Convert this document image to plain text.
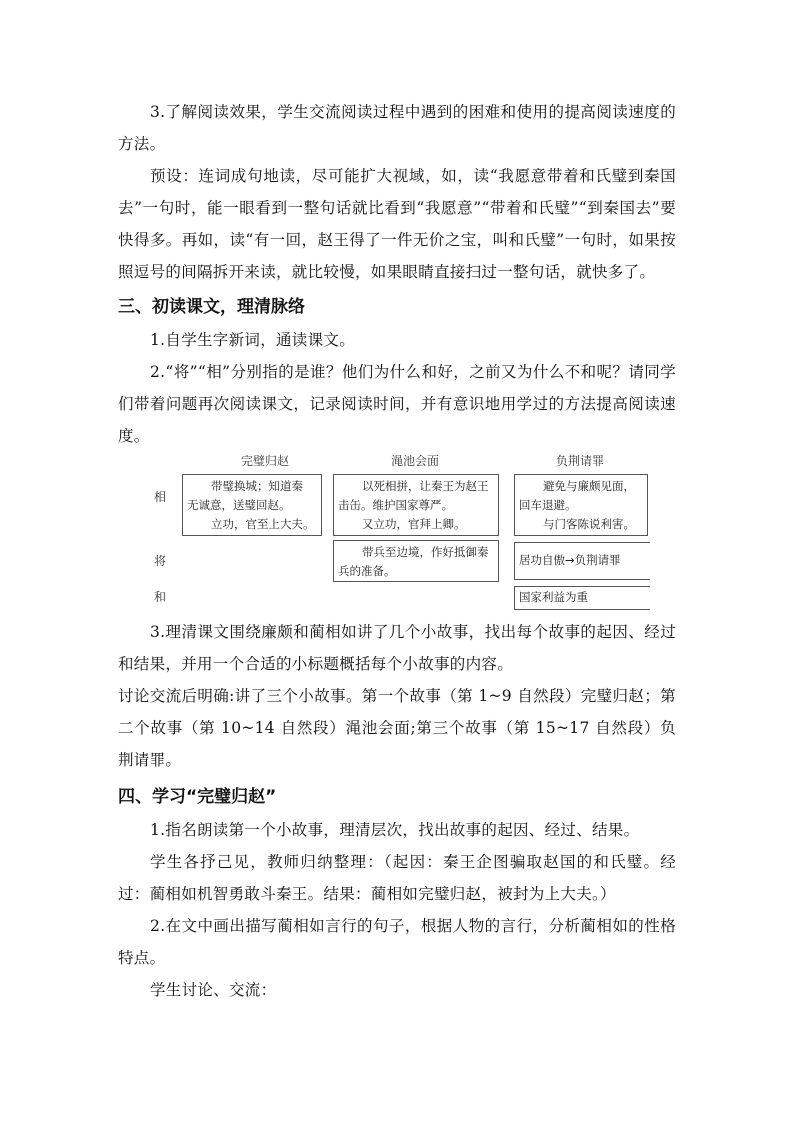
3.了解阅读效果，学生交流阅读过程中遇到的困难和使用的提高阅读速度的方法。

预设：连词成句地读，尽可能扩大视域，如，读“我愿意带着和氏璧到秦国去”一句时，能一眼看到一整句话就比看到“我愿意”“带着和氏璧”“到秦国去”要快得多。再如，读“有一回，赵王得了一件无价之宝，叫和氏璧”一句时，如果按照逗号的间隔拆开来读，就比较慢，如果眼睛直接扫过一整句话，就快多了。

三、初读课文，理清脉络

1.自学生字新词，通读课文。

2.“将”“相”分别指的是谁？他们为什么和好，之前又为什么不和呢？请同学们带着问题再次阅读课文，记录阅读时间，并有意识地用学过的方法提高阅读速度。

完璧归赵	渑池会面	负荆请罪
相
将
和
带璧换城；知道秦
无诚意，送璧回赵。
立功，官至上大夫。
以死相拼，让秦王为赵王
击缶。维护国家尊严。
又立功，官拜上卿。
避免与廉颇见面，
回车退避。
与门客陈说利害。
带兵至边境，作好抵御秦
兵的准备。
居功自傲→负荆请罪
国家利益为重

3.理清课文围绕廉颇和蔺相如讲了几个小故事，找出每个故事的起因、经过和结果，并用一个合适的小标题概括每个小故事的内容。

讨论交流后明确:讲了三个小故事。第一个故事（第 1~9 自然段）完璧归赵；第二个故事（第 10~14 自然段）渑池会面;第三个故事（第 15~17 自然段）负荆请罪。

四、学习“完璧归赵”

1.指名朗读第一个小故事，理清层次，找出故事的起因、经过、结果。

学生各抒己见，教师归纳整理：（起因：秦王企图骗取赵国的和氏璧。经过：蔺相如机智勇敢斗秦王。结果：蔺相如完璧归赵，被封为上大夫。）

2.在文中画出描写蔺相如言行的句子，根据人物的言行，分析蔺相如的性格特点。

学生讨论、交流：
